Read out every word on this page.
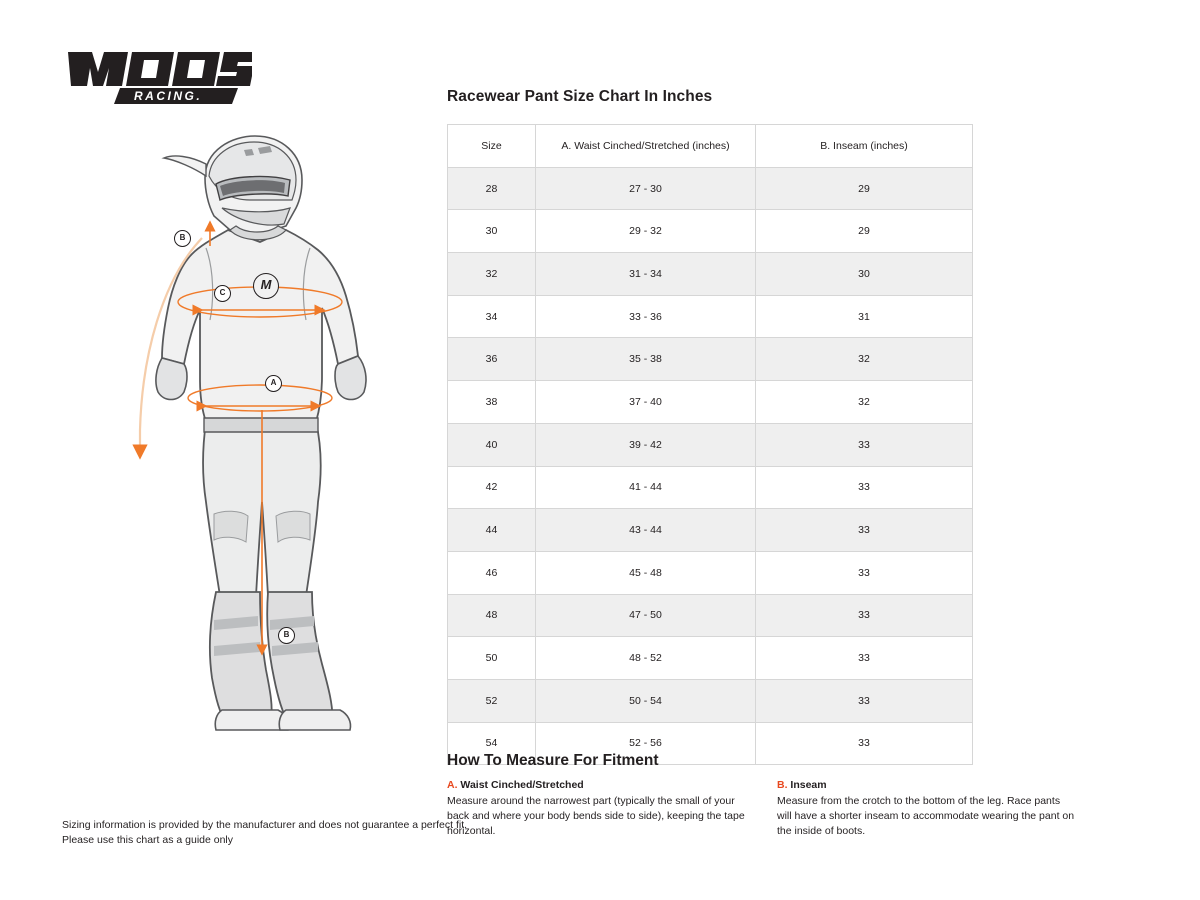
RACING.
B
C
A
B
M
Sizing information is provided by the manufacturer and does not guarantee a perfect fit.
Please use this chart as a guide only
Racewear Pant Size Chart In Inches
Size	A. Waist Cinched/Stretched (inches)	B. Inseam (inches)
28	27 - 30	29
30	29 - 32	29
32	31 - 34	30
34	33 - 36	31
36	35 - 38	32
38	37 - 40	32
40	39 - 42	33
42	41 - 44	33
44	43 - 44	33
46	45 - 48	33
48	47 - 50	33
50	48 - 52	33
52	50 - 54	33
54	52 - 56	33
How To Measure For Fitment
A. Waist Cinched/Stretched
Measure around the narrowest part (typically the small of your back and where your body bends side to side), keeping the tape horizontal.
B. Inseam
Measure from the crotch to the bottom of the leg. Race pants will have a shorter inseam to accommodate wearing the pant on the inside of boots.
